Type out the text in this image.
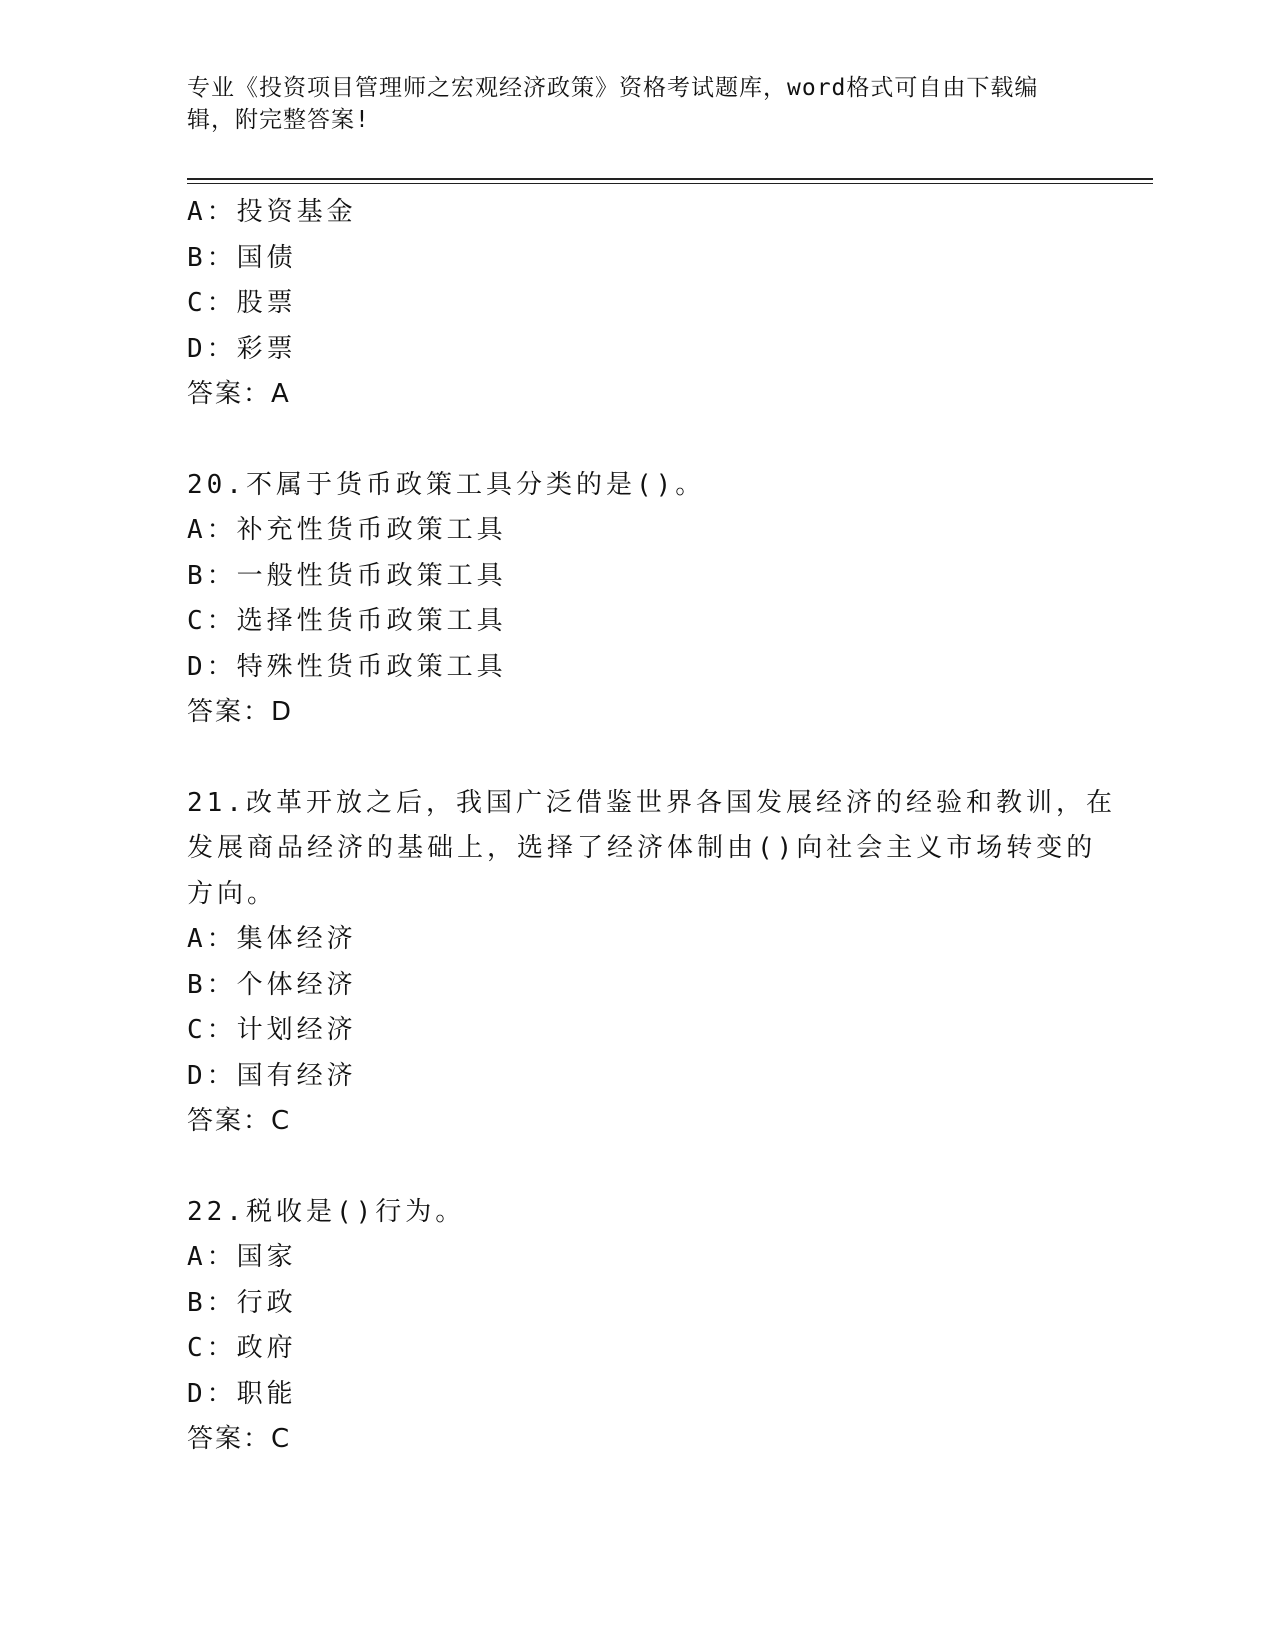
专业《投资项目管理师之宏观经济政策》资格考试题库，word格式可自由下载编
辑，附完整答案!
A：投资基金
B：国债
C：股票
D：彩票
答案：A
20.不属于货币政策工具分类的是()。
A：补充性货币政策工具
B：一般性货币政策工具
C：选择性货币政策工具
D：特殊性货币政策工具
答案：D
21.改革开放之后，我国广泛借鉴世界各国发展经济的经验和教训，在
发展商品经济的基础上，选择了经济体制由()向社会主义市场转变的
方向。
A：集体经济
B：个体经济
C：计划经济
D：国有经济
答案：C
22.税收是()行为。
A：国家
B：行政
C：政府
D：职能
答案：C
